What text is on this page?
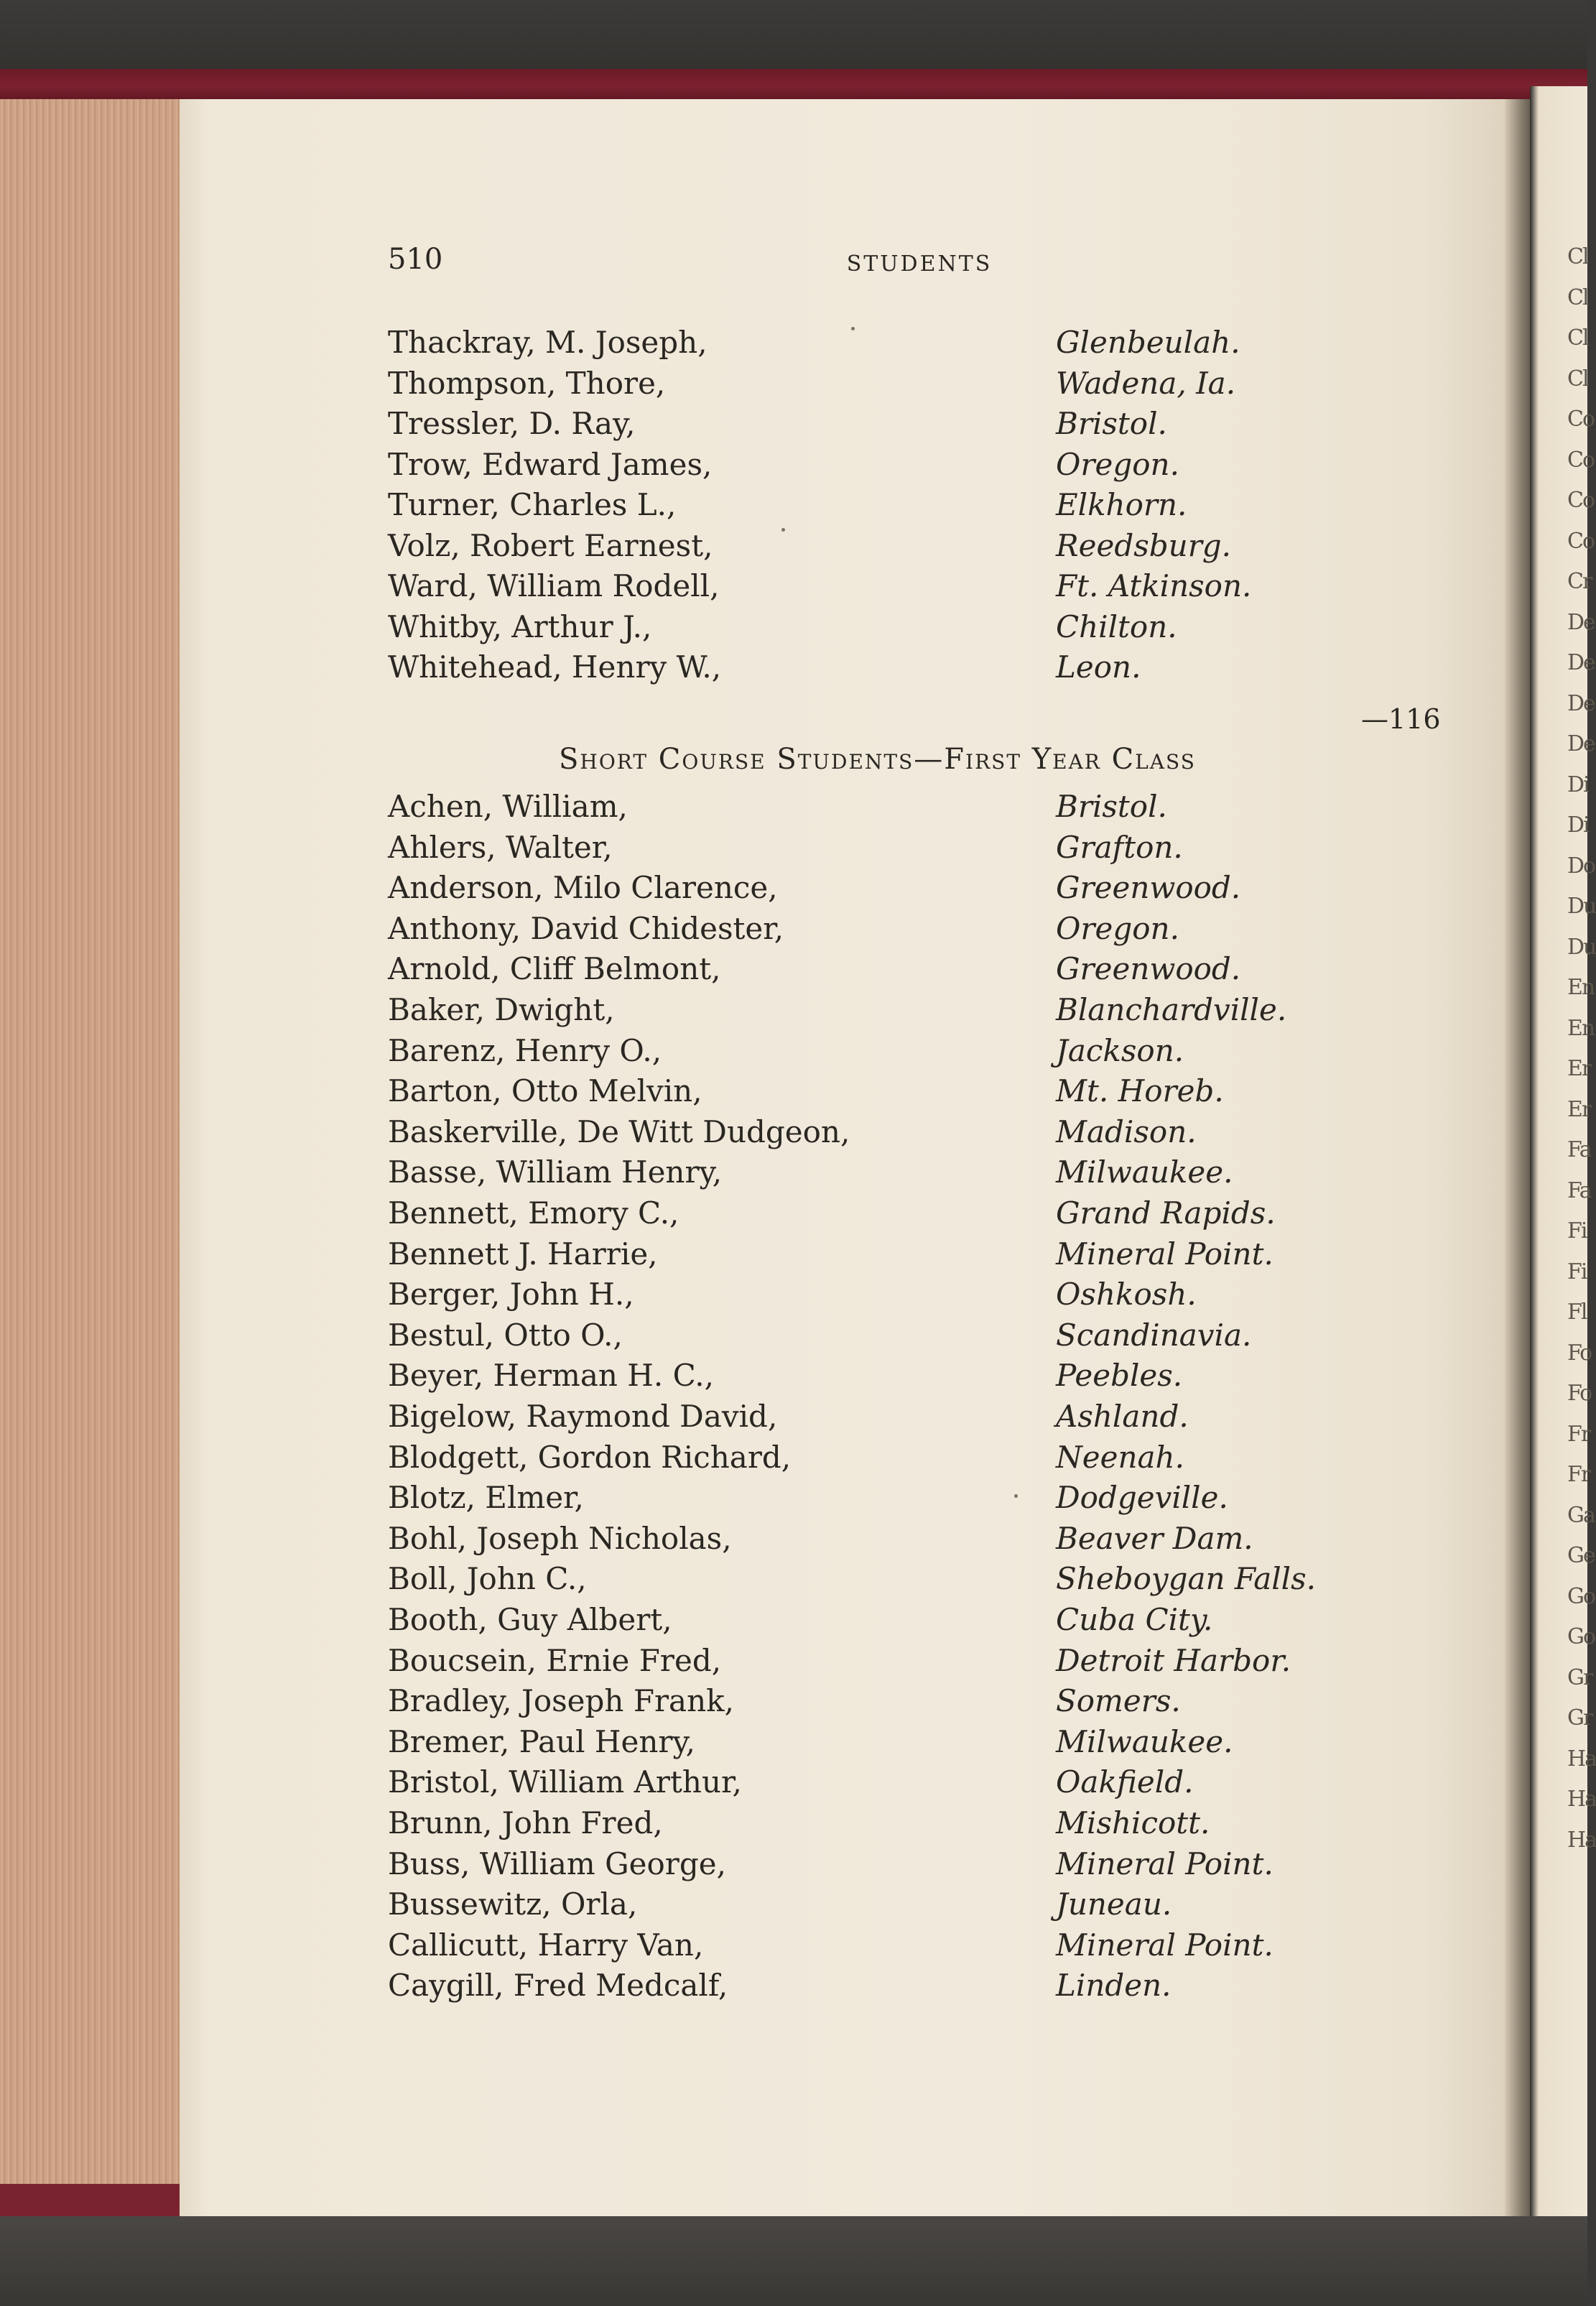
Cl
Cl
Cl
Cl
Co
Co
Co
Co
Cr
De
De
De
De
Di
Di
Do
Du
Du
En
En
Er
Er
Fa
Fa
Fi
Fi
Fl
Fo
Fo
Fr
Fr
Ga
Ge
Go
Go
Gr
Gr
Ha
Ha
Ha
510	STUDENTS
Thackray, M. Joseph,	Glenbeulah.
Thompson, Thore,	Wadena, Ia.
Tressler, D. Ray,	Bristol.
Trow, Edward James,	Oregon.
Turner, Charles L.,	Elkhorn.
Volz, Robert Earnest,	Reedsburg.
Ward, William Rodell,	Ft. Atkinson.
Whitby, Arthur J.,	Chilton.
Whitehead, Henry W.,	Leon.
—116
Short Course Students—First Year Class
Achen, William,	Bristol.
Ahlers, Walter,	Grafton.
Anderson, Milo Clarence,	Greenwood.
Anthony, David Chidester,	Oregon.
Arnold, Cliff Belmont,	Greenwood.
Baker, Dwight,	Blanchardville.
Barenz, Henry O.,	Jackson.
Barton, Otto Melvin,	Mt. Horeb.
Baskerville, De Witt Dudgeon,	Madison.
Basse, William Henry,	Milwaukee.
Bennett, Emory C.,	Grand Rapids.
Bennett J. Harrie,	Mineral Point.
Berger, John H.,	Oshkosh.
Bestul, Otto O.,	Scandinavia.
Beyer, Herman H. C.,	Peebles.
Bigelow, Raymond David,	Ashland.
Blodgett, Gordon Richard,	Neenah.
Blotz, Elmer,	Dodgeville.
Bohl, Joseph Nicholas,	Beaver Dam.
Boll, John C.,	Sheboygan Falls.
Booth, Guy Albert,	Cuba City.
Boucsein, Ernie Fred,	Detroit Harbor.
Bradley, Joseph Frank,	Somers.
Bremer, Paul Henry,	Milwaukee.
Bristol, William Arthur,	Oakfield.
Brunn, John Fred,	Mishicott.
Buss, William George,	Mineral Point.
Bussewitz, Orla,	Juneau.
Callicutt, Harry Van,	Mineral Point.
Caygill, Fred Medcalf,	Linden.
